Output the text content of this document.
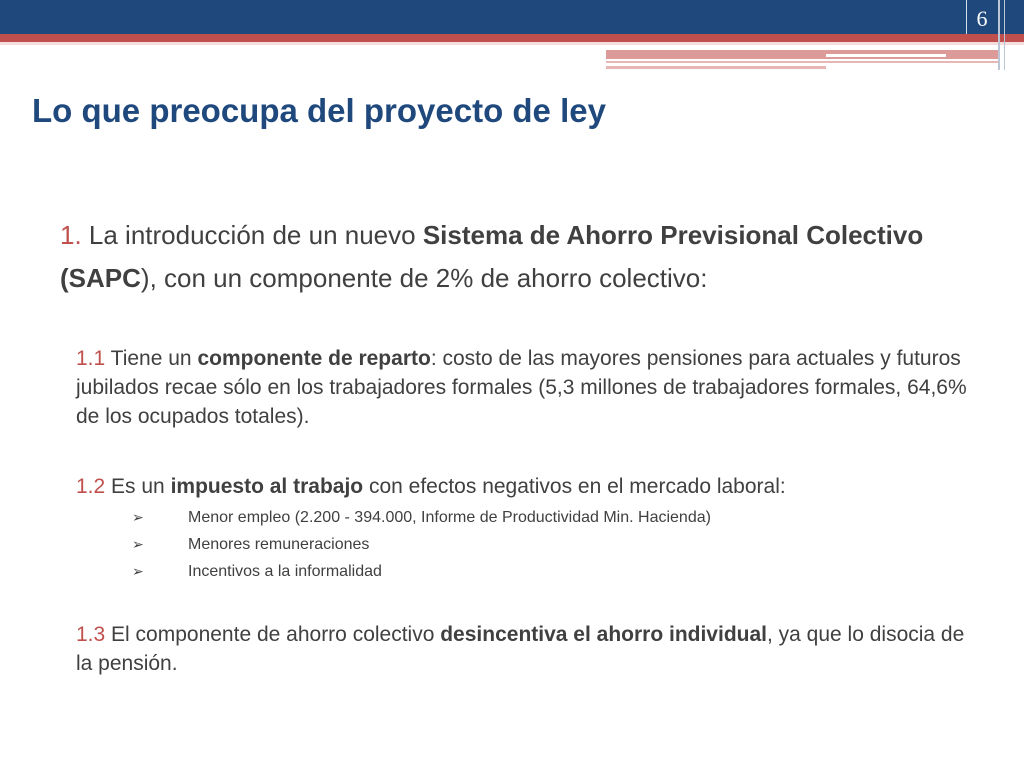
6
Lo que preocupa del proyecto de ley
1. La introducción de un nuevo Sistema de Ahorro Previsional Colectivo (SAPC), con un componente de 2% de ahorro colectivo:
1.1 Tiene un componente de reparto: costo de las mayores pensiones para actuales y futuros jubilados recae sólo en los trabajadores formales (5,3 millones de trabajadores formales, 64,6% de los ocupados totales).
1.2 Es un impuesto al trabajo con efectos negativos en el mercado laboral:
➢	Menor empleo (2.200 - 394.000, Informe de Productividad Min. Hacienda)
➢	Menores remuneraciones
➢	Incentivos a la informalidad
1.3 El componente de ahorro colectivo desincentiva el ahorro individual, ya que lo disocia de la pensión.
